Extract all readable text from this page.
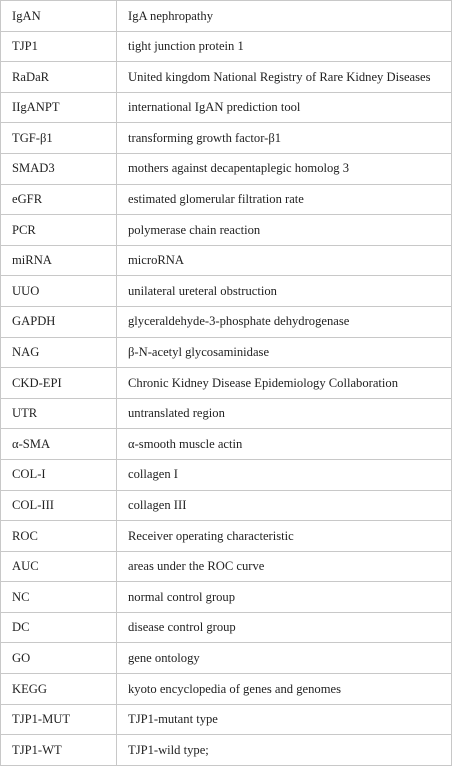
IgAN	IgA nephropathy
TJP1	tight junction protein 1
RaDaR	United kingdom National Registry of Rare Kidney Diseases
IIgANPT	international IgAN prediction tool
TGF-β1	transforming growth factor-β1
SMAD3	mothers against decapentaplegic homolog 3
eGFR	estimated glomerular filtration rate
PCR	polymerase chain reaction
miRNA	microRNA
UUO	unilateral ureteral obstruction
GAPDH	glyceraldehyde-3-phosphate dehydrogenase
NAG	β-N-acetyl glycosaminidase
CKD-EPI	Chronic Kidney Disease Epidemiology Collaboration
UTR	untranslated region
α-SMA	α-smooth muscle actin
COL-I	collagen I
COL-III	collagen III
ROC	Receiver operating characteristic
AUC	areas under the ROC curve
NC	normal control group
DC	disease control group
GO	gene ontology
KEGG	kyoto encyclopedia of genes and genomes
TJP1-MUT	TJP1-mutant type
TJP1-WT	TJP1-wild type;
